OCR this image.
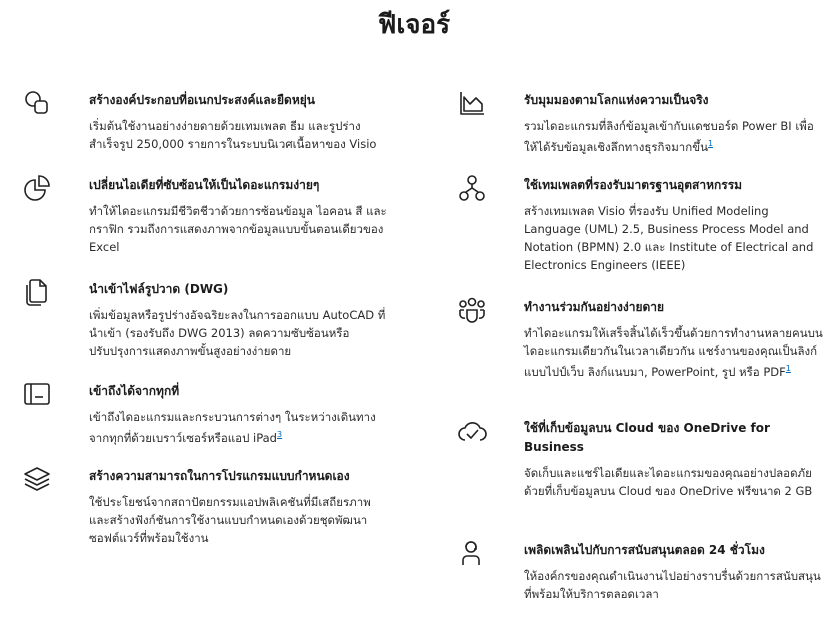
ฟีเจอร์
สร้างองค์ประกอบที่อเนกประสงค์และยืดหยุ่น

เริ่มต้นใช้งานอย่างง่ายดายด้วยเทมเพลต ธีม และรูปร่างสำเร็จรูป 250,000 รายการในระบบนิเวศเนื้อหาของ Visio

เปลี่ยนไอเดียที่ซับซ้อนให้เป็นไดอะแกรมง่ายๆ

ทำให้ไดอะแกรมมีชีวิตชีวาด้วยการซ้อนข้อมูล ไอคอน สี และกราฟิก รวมถึงการแสดงภาพจากข้อมูลแบบขั้นตอนเดียวของ Excel

นำเข้าไฟล์รูปวาด (DWG)

เพิ่มข้อมูลหรือรูปร่างอัจฉริยะลงในการออกแบบ AutoCAD ที่นำเข้า (รองรับถึง DWG 2013) ลดความซับซ้อนหรือปรับปรุงการแสดงภาพขั้นสูงอย่างง่ายดาย

เข้าถึงได้จากทุกที่

เข้าถึงไดอะแกรมและกระบวนการต่างๆ ในระหว่างเดินทางจากทุกที่ด้วยเบราว์เซอร์หรือแอป iPad$^3$

สร้างความสามารถในการโปรแกรมแบบกำหนดเอง

ใช้ประโยชน์จากสถาปัตยกรรมแอปพลิเคชันที่มีเสถียรภาพ และสร้างฟังก์ชันการใช้งานแบบกำหนดเองด้วยชุดพัฒนาซอฟต์แวร์ที่พร้อมใช้งาน

รับมุมมองตามโลกแห่งความเป็นจริง

รวมไดอะแกรมที่ลิงก์ข้อมูลเข้ากับแดชบอร์ด Power BI เพื่อให้ได้รับข้อมูลเชิงลึกทางธุรกิจมากขึ้น$^1$

ใช้เทมเพลตที่รองรับมาตรฐานอุตสาหกรรม

สร้างเทมเพลต Visio ที่รองรับ Unified Modeling Language (UML) 2.5, Business Process Model and Notation (BPMN) 2.0 และ Institute of Electrical and Electronics Engineers (IEEE)

ทำงานร่วมกันอย่างง่ายดาย

ทำไดอะแกรมให้เสร็จสิ้นได้เร็วขึ้นด้วยการทำงานหลายคนบนไดอะแกรมเดียวกันในเวลาเดียวกัน แชร์งานของคุณเป็นลิงก์แบบไปป์เว็บ ลิงก์แนบมา, PowerPoint, รูป หรือ PDF$^1$

ใช้ที่เก็บข้อมูลบน Cloud ของ OneDrive for Business

จัดเก็บและแชร์ไอเดียและไดอะแกรมของคุณอย่างปลอดภัยด้วยที่เก็บข้อมูลบน Cloud ของ OneDrive ฟรีขนาด 2 GB

เพลิดเพลินไปกับการสนับสนุนตลอด 24 ชั่วโมง

ให้องค์กรของคุณดำเนินงานไปอย่างราบรื่นด้วยการสนับสนุนที่พร้อมให้บริการตลอดเวลา
